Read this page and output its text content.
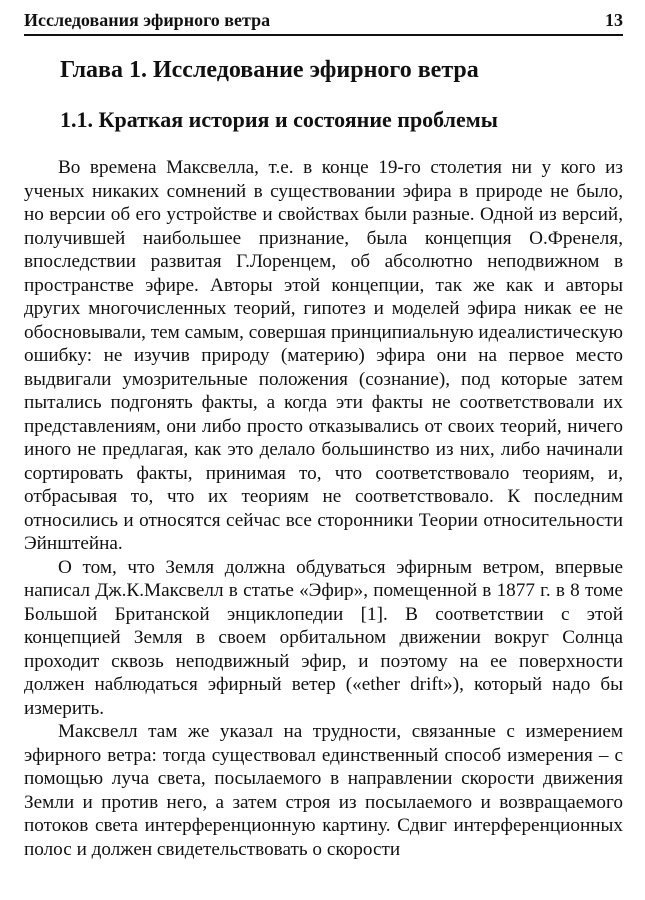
Исследования эфирного ветра	13
Глава 1. Исследование эфирного ветра
1.1. Краткая история и состояние проблемы

Во времена Максвелла, т.е. в конце 19-го столетия ни у кого из ученых никаких сомнений в существовании эфира в природе не было, но версии об его устройстве и свойствах были разные. Одной из версий, получившей наибольшее признание, была концепция О.Френеля, впоследствии развитая Г.Лоренцем, об абсолютно неподвижном в пространстве эфире. Авторы этой концепции, так же как и авторы других многочисленных теорий, гипотез и моделей эфира никак ее не обосновывали, тем самым, совершая принципиальную идеалистическую ошибку: не изучив природу (материю) эфира они на первое место выдвигали умозрительные положения (сознание), под которые затем пытались подгонять факты, а когда эти факты не соответствовали их представлениям, они либо просто отказывались от своих теорий, ничего иного не предлагая, как это делало большинство из них, либо начинали сортировать факты, принимая то, что соответствовало теориям, и, отбрасывая то, что их теориям не соответствовало. К последним относились и относятся сейчас все сторонники Теории относительности Эйнштейна.

О том, что Земля должна обдуваться эфирным ветром, впервые написал Дж.К.Максвелл в статье «Эфир», помещенной в 1877 г. в 8 томе Большой Британской энциклопедии [1]. В соответствии с этой концепцией Земля в своем орбитальном движении вокруг Солнца проходит сквозь неподвижный эфир, и поэтому на ее поверхности должен наблюдаться эфирный ветер («ether drift»), который надо бы измерить.

Максвелл там же указал на трудности, связанные с измерением эфирного ветра: тогда существовал единственный способ измерения – с помощью луча света, посылаемого в направлении скорости движения Земли и против него, а затем строя из посылаемого и возвращаемого потоков света интерференционную картину. Сдвиг интерференционных полос и должен свидетельствовать о скорости
